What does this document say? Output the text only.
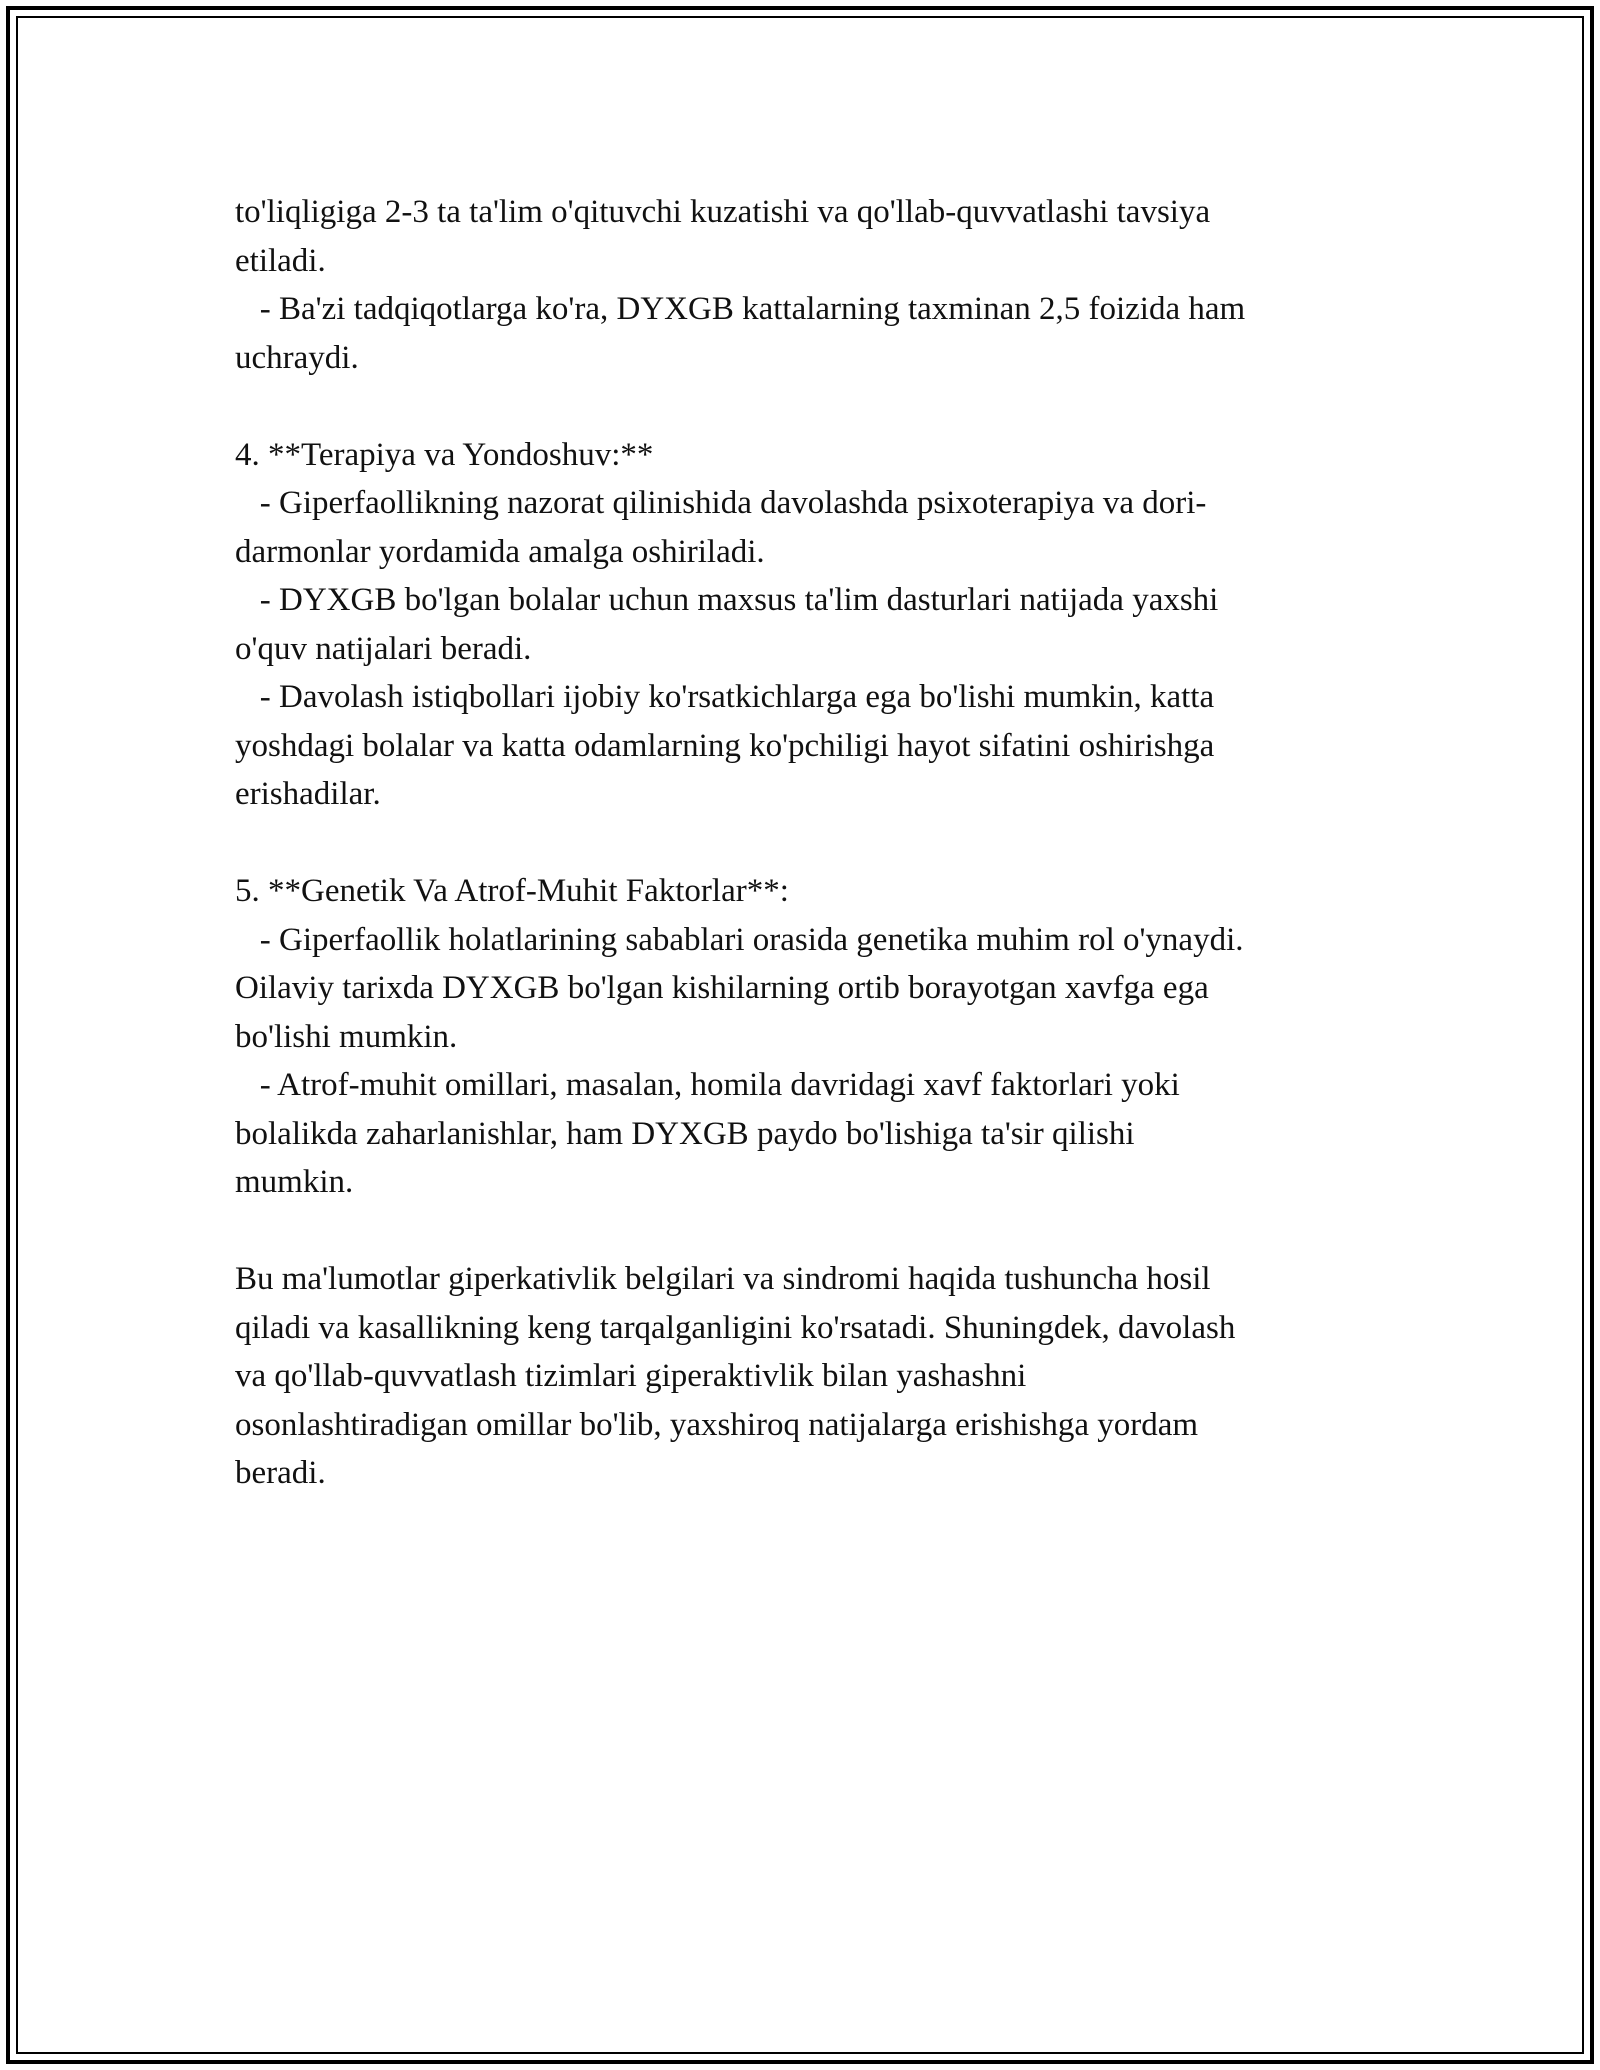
to'liqligiga 2-3 ta ta'lim o'qituvchi kuzatishi va qo'llab-quvvatlashi tavsiya
etiladi.
- Ba'zi tadqiqotlarga ko'ra, DYXGB kattalarning taxminan 2,5 foizida ham
uchraydi.
4. **Terapiya va Yondoshuv:**
- Giperfaollikning nazorat qilinishida davolashda psixoterapiya va dori-
darmonlar yordamida amalga oshiriladi.
- DYXGB bo'lgan bolalar uchun maxsus ta'lim dasturlari natijada yaxshi
o'quv natijalari beradi.
- Davolash istiqbollari ijobiy ko'rsatkichlarga ega bo'lishi mumkin, katta
yoshdagi bolalar va katta odamlarning ko'pchiligi hayot sifatini oshirishga
erishadilar.
5. **Genetik Va Atrof-Muhit Faktorlar**:
- Giperfaollik holatlarining sabablari orasida genetika muhim rol o'ynaydi.
Oilaviy tarixda DYXGB bo'lgan kishilarning ortib borayotgan xavfga ega
bo'lishi mumkin.
- Atrof-muhit omillari, masalan, homila davridagi xavf faktorlari yoki
bolalikda zaharlanishlar, ham DYXGB paydo bo'lishiga ta'sir qilishi
mumkin.
Bu ma'lumotlar giperkativlik belgilari va sindromi haqida tushuncha hosil
qiladi va kasallikning keng tarqalganligini ko'rsatadi. Shuningdek, davolash
va qo'llab-quvvatlash tizimlari giperaktivlik bilan yashashni
osonlashtiradigan omillar bo'lib, yaxshiroq natijalarga erishishga yordam
beradi.
